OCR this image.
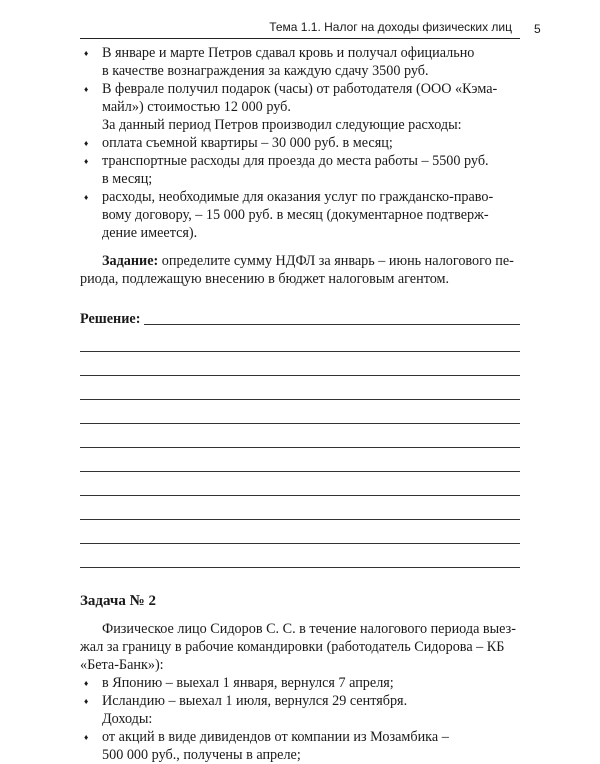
Тема 1.1. Налог на доходы физических лиц 5
♦ В январе и марте Петров сдавал кровь и получал официально
в качестве вознаграждения за каждую сдачу 3500 руб.
♦ В феврале получил подарок (часы) от работодателя (ООО «Кэма-
майл») стоимостью 12 000 руб.
За данный период Петров производил следующие расходы:
♦ оплата съемной квартиры – 30 000 руб. в месяц;
♦ транспортные расходы для проезда до места работы – 5500 руб.
в месяц;
♦ расходы, необходимые для оказания услуг по гражданско-право-
вому договору, – 15 000 руб. в месяц (документарное подтверж-
дение имеется).
Задание: определите сумму НДФЛ за январь – июнь налогового пе-
риода, подлежащую внесению в бюджет налоговым агентом.
Решение:
Задача № 2
Физическое лицо Сидоров С. С. в течение налогового периода выез-
жал за границу в рабочие командировки (работодатель Сидорова – КБ
«Бета-Банк»):
♦ в Японию – выехал 1 января, вернулся 7 апреля;
♦ Исландию – выехал 1 июля, вернулся 29 сентября.
Доходы:
♦ от акций в виде дивидендов от компании из Мозамбика –
500 000 руб., получены в апреле;
